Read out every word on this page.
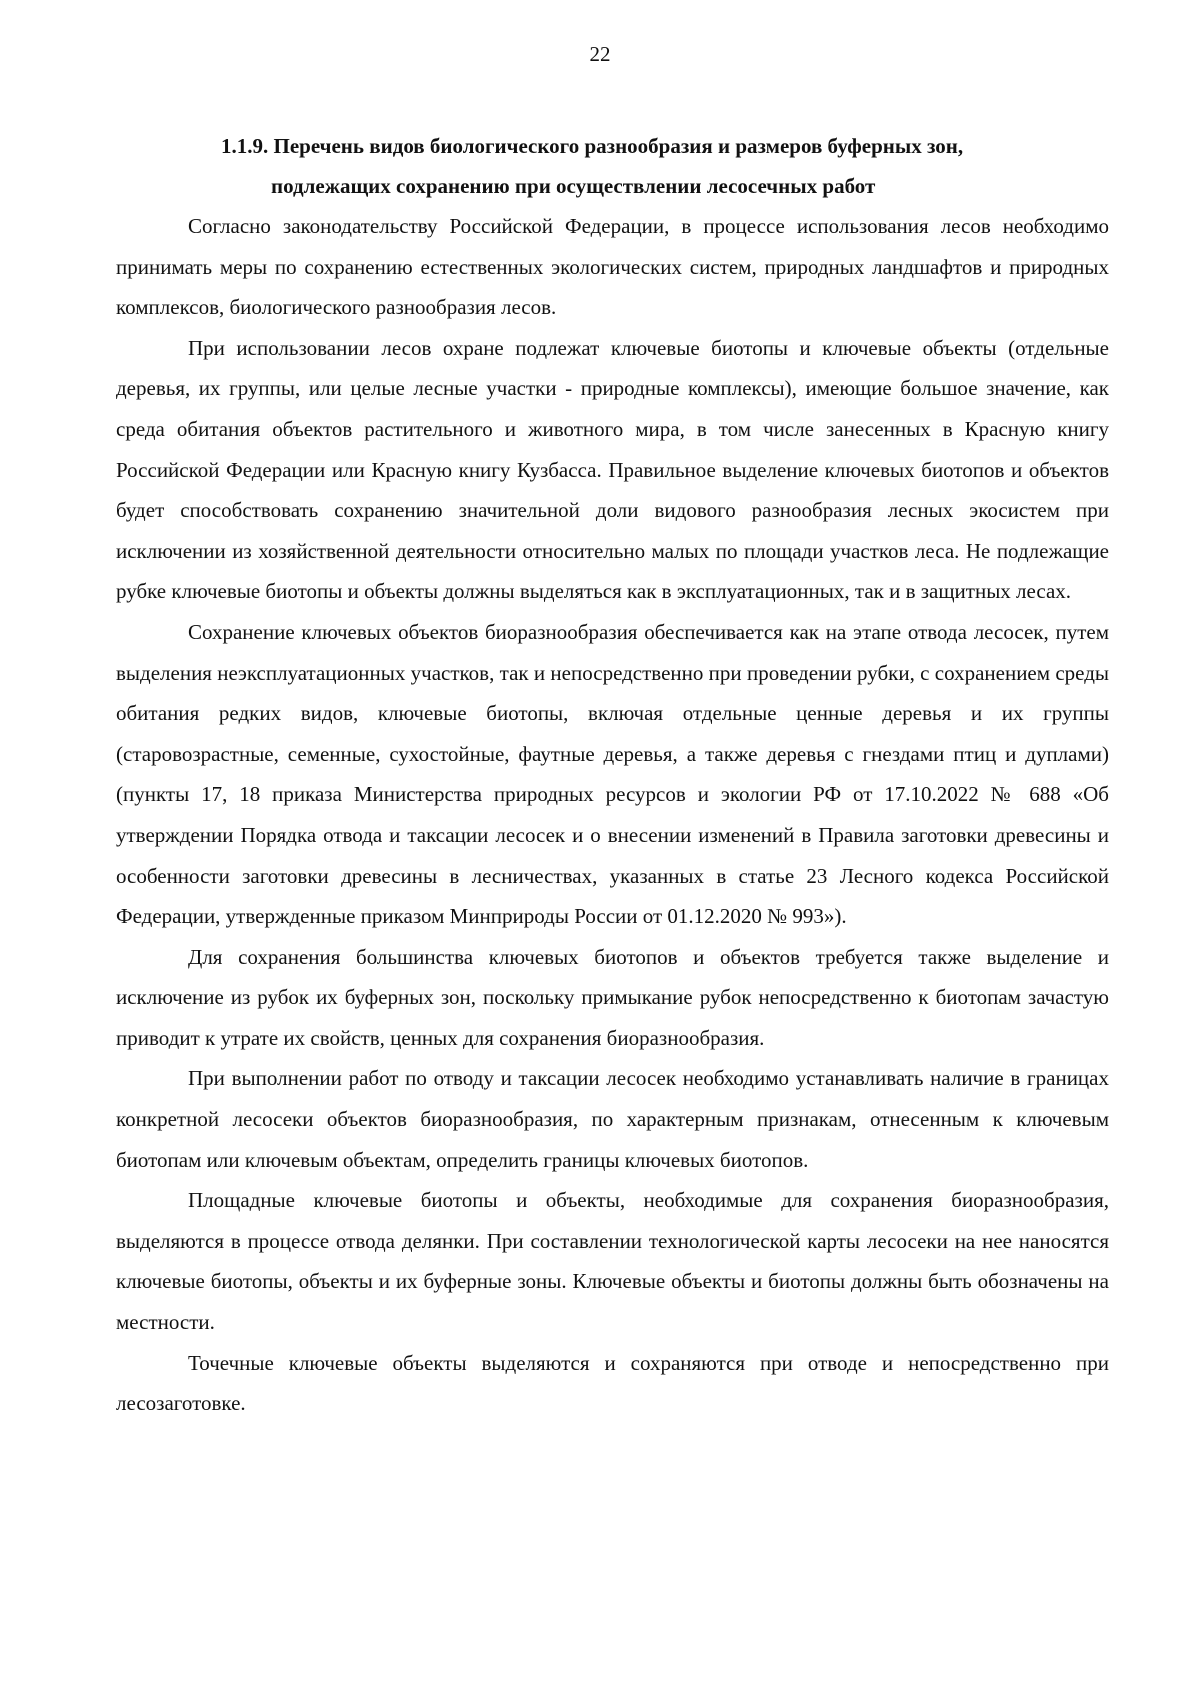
22
1.1.9. Перечень видов биологического разнообразия и размеров буферных зон,
подлежащих сохранению при осуществлении лесосечных работ

Согласно законодательству Российской Федерации, в процессе использования лесов необходимо принимать меры по сохранению естественных экологических систем, природных ландшафтов и природных комплексов, биологического разнообразия лесов.

При использовании лесов охране подлежат ключевые биотопы и ключевые объекты (отдельные деревья, их группы, или целые лесные участки - природные комплексы), имеющие большое значение, как среда обитания объектов растительного и животного мира, в том числе занесенных в Красную книгу Российской Федерации или Красную книгу Кузбасса. Правильное выделение ключевых биотопов и объектов будет способствовать сохранению значительной доли видового разнообразия лесных экосистем при исключении из хозяйственной деятельности относительно малых по площади участков леса. Не подлежащие рубке ключевые биотопы и объекты должны выделяться как в эксплуатационных, так и в защитных лесах.

Сохранение ключевых объектов биоразнообразия обеспечивается как на этапе отвода лесосек, путем выделения неэксплуатационных участков, так и непосредственно при проведении рубки, с сохранением среды обитания редких видов, ключевые биотопы, включая отдельные ценные деревья и их группы (старовозрастные, семенные, сухостойные, фаутные деревья, а также деревья с гнездами птиц и дуплами) (пункты 17, 18 приказа Министерства природных ресурсов и экологии РФ от 17.10.2022 № 688 «Об утверждении Порядка отвода и таксации лесосек и о внесении изменений в Правила заготовки древесины и особенности заготовки древесины в лесничествах, указанных в статье 23 Лесного кодекса Российской Федерации, утвержденные приказом Минприроды России от 01.12.2020 № 993»).

Для сохранения большинства ключевых биотопов и объектов требуется также выделение и исключение из рубок их буферных зон, поскольку примыкание рубок непосредственно к биотопам зачастую приводит к утрате их свойств, ценных для сохранения биоразнообразия.

При выполнении работ по отводу и таксации лесосек необходимо устанавливать наличие в границах конкретной лесосеки объектов биоразнообразия, по характерным признакам, отнесенным к ключевым биотопам или ключевым объектам, определить границы ключевых биотопов.

Площадные ключевые биотопы и объекты, необходимые для сохранения биоразнообразия, выделяются в процессе отвода делянки. При составлении технологической карты лесосеки на нее наносятся ключевые биотопы, объекты и их буферные зоны. Ключевые объекты и биотопы должны быть обозначены на местности.

Точечные ключевые объекты выделяются и сохраняются при отводе и непосредственно при лесозаготовке.
